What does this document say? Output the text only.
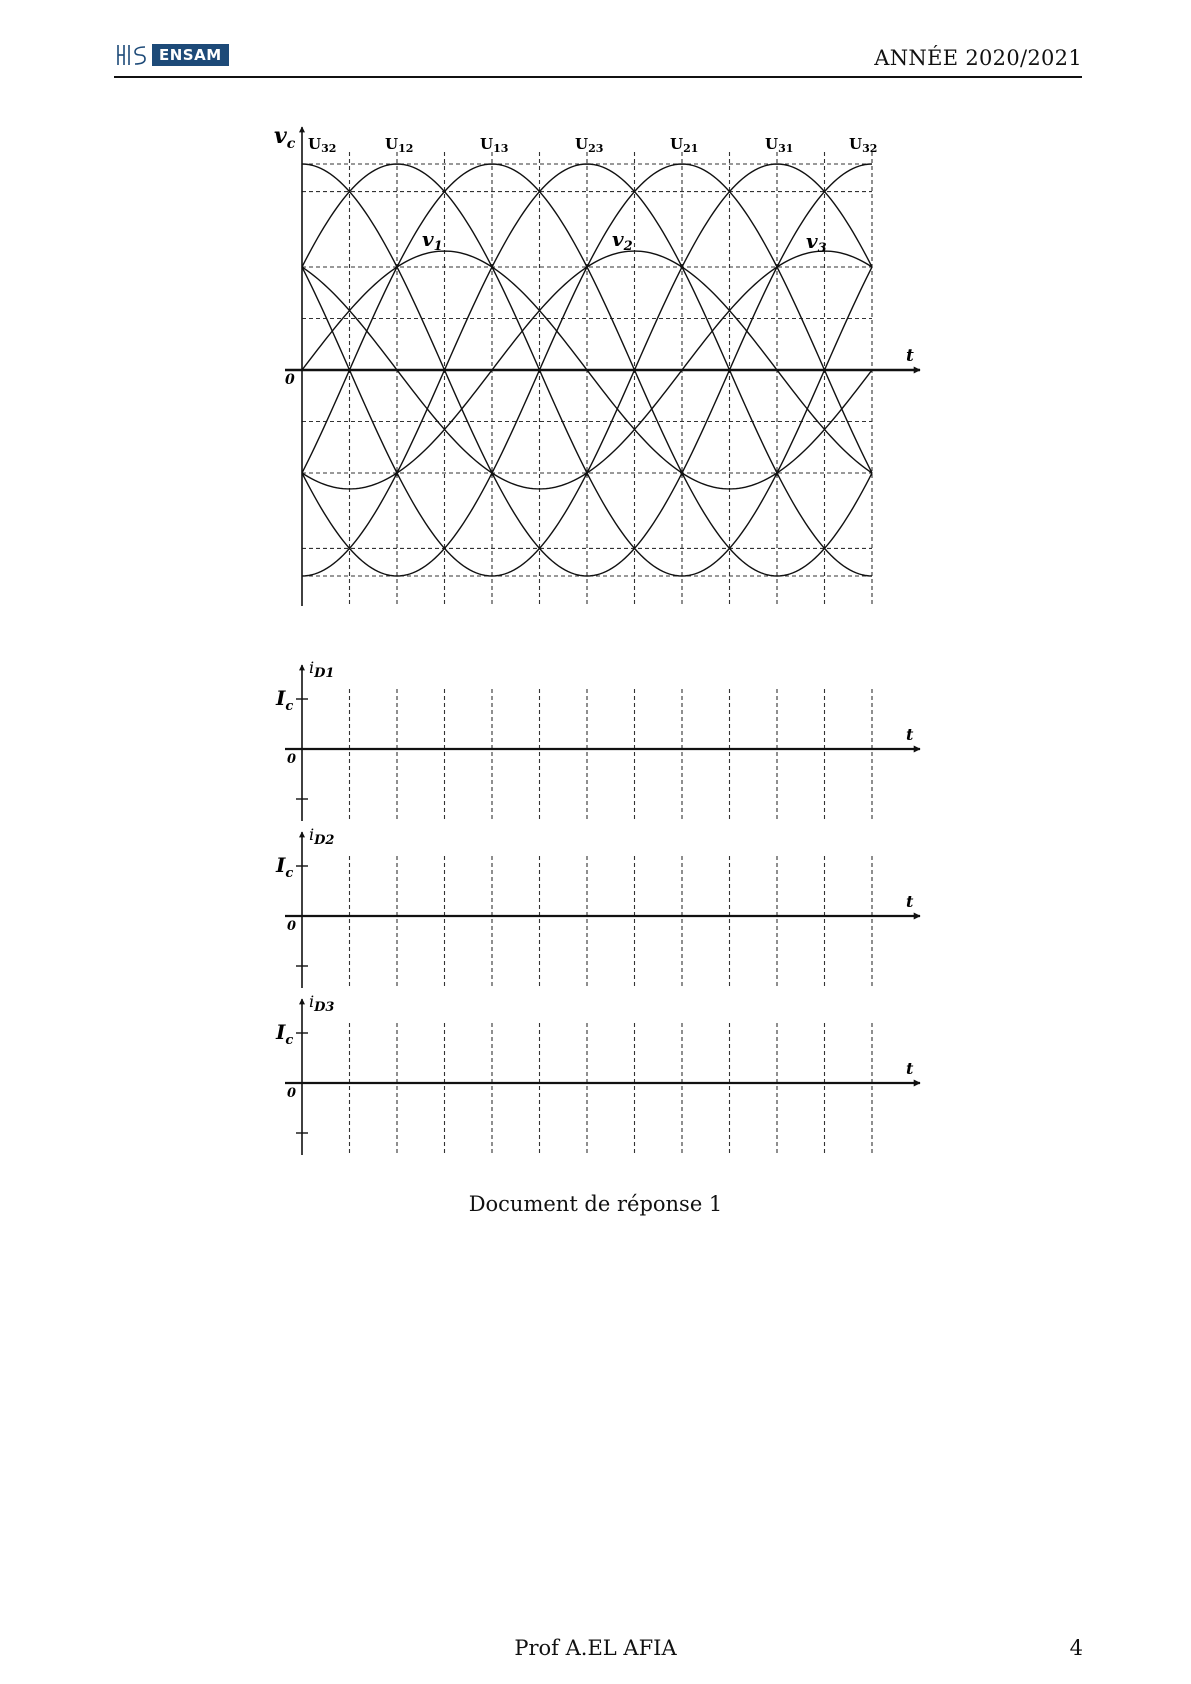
ENSAM	ANNÉE 2020/2021
$v_c$
0
t
$U_{32}$	$U_{12}$	$U_{13}$	$U_{23}$	$U_{21}$	$U_{31}$	$U_{32}$
$v_1$	$v_2$	$v_3$
$i_{D1}$
$I_c$
0
t
$i_{D2}$
$I_c$
0
t
$i_{D3}$
$I_c$
0
t
Document de réponse 1
Prof A.EL AFIA	4
